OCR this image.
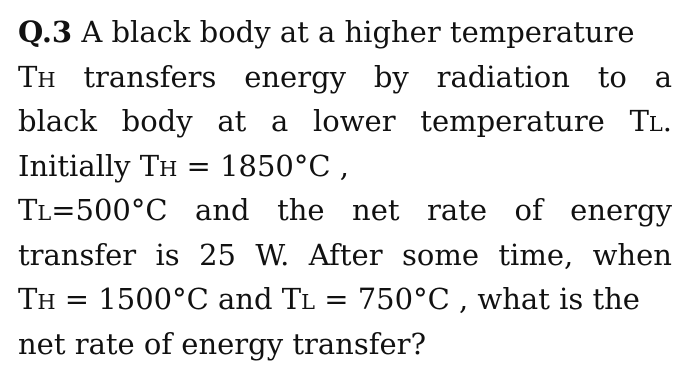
Q.3 A black body at a higher temperature
TH transfers energy by radiation to a
black body at a lower temperature TL.
Initially TH = 1850°C ,
TL=500°C and the net rate of energy
transfer is 25 W. After some time, when
TH = 1500°C and TL = 750°C , what is the
net rate of energy transfer?
